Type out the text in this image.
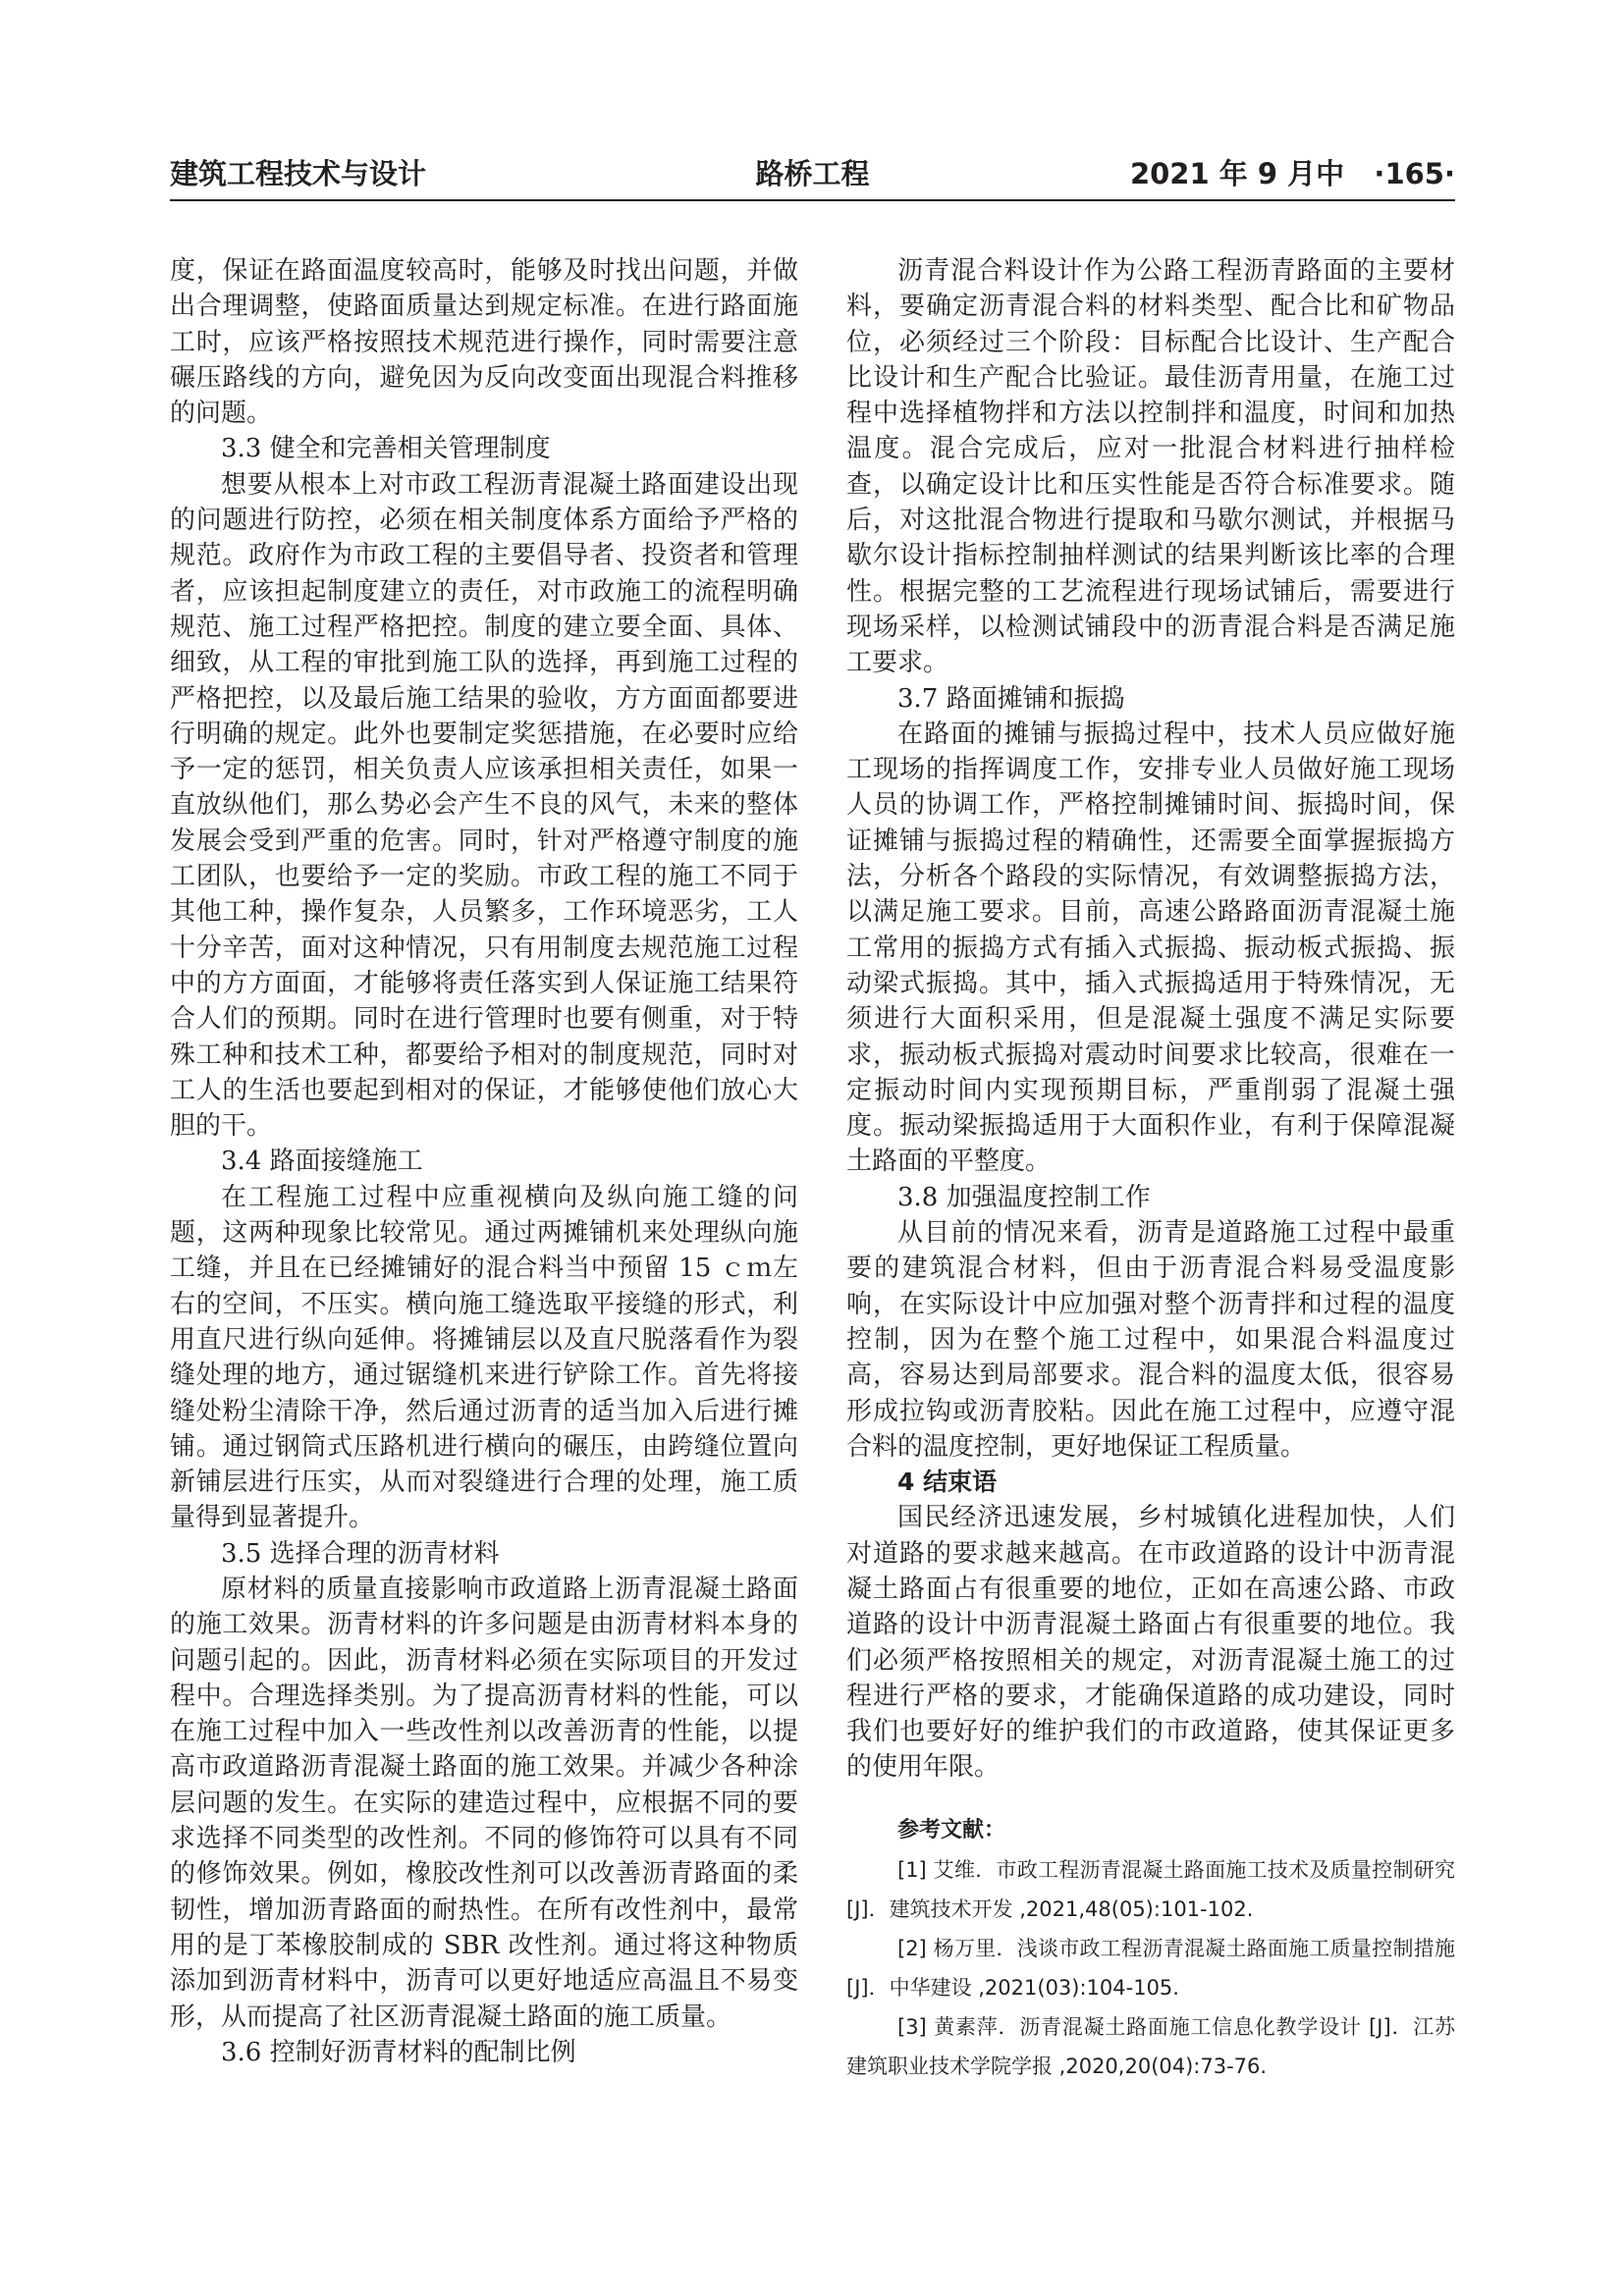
建筑工程技术与设计	路桥工程	2021 年 9 月中 ·165·

度，保证在路面温度较高时，能够及时找出问题，并做出合理调整，使路面质量达到规定标准。在进行路面施工时，应该严格按照技术规范进行操作，同时需要注意碾压路线的方向，避免因为反向改变面出现混合料推移的问题。

3.3 健全和完善相关管理制度

想要从根本上对市政工程沥青混凝土路面建设出现的问题进行防控，必须在相关制度体系方面给予严格的规范。政府作为市政工程的主要倡导者、投资者和管理者，应该担起制度建立的责任，对市政施工的流程明确规范、施工过程严格把控。制度的建立要全面、具体、细致，从工程的审批到施工队的选择，再到施工过程的严格把控，以及最后施工结果的验收，方方面面都要进行明确的规定。此外也要制定奖惩措施，在必要时应给予一定的惩罚，相关负责人应该承担相关责任，如果一直放纵他们，那么势必会产生不良的风气，未来的整体发展会受到严重的危害。同时，针对严格遵守制度的施工团队，也要给予一定的奖励。市政工程的施工不同于其他工种，操作复杂，人员繁多，工作环境恶劣，工人十分辛苦，面对这种情况，只有用制度去规范施工过程中的方方面面，才能够将责任落实到人保证施工结果符合人们的预期。同时在进行管理时也要有侧重，对于特殊工种和技术工种，都要给予相对的制度规范，同时对工人的生活也要起到相对的保证，才能够使他们放心大胆的干。

3.4 路面接缝施工

在工程施工过程中应重视横向及纵向施工缝的问题，这两种现象比较常见。通过两摊铺机来处理纵向施工缝，并且在已经摊铺好的混合料当中预留 15 ｃｍ左右的空间，不压实。横向施工缝选取平接缝的形式，利用直尺进行纵向延伸。将摊铺层以及直尺脱落看作为裂缝处理的地方，通过锯缝机来进行铲除工作。首先将接缝处粉尘清除干净，然后通过沥青的适当加入后进行摊铺。通过钢筒式压路机进行横向的碾压，由跨缝位置向新铺层进行压实，从而对裂缝进行合理的处理，施工质量得到显著提升。

3.5 选择合理的沥青材料

原材料的质量直接影响市政道路上沥青混凝土路面的施工效果。沥青材料的许多问题是由沥青材料本身的问题引起的。因此，沥青材料必须在实际项目的开发过程中。合理选择类别。为了提高沥青材料的性能，可以在施工过程中加入一些改性剂以改善沥青的性能，以提高市政道路沥青混凝土路面的施工效果。并减少各种涂层问题的发生。在实际的建造过程中，应根据不同的要求选择不同类型的改性剂。不同的修饰符可以具有不同的修饰效果。例如，橡胶改性剂可以改善沥青路面的柔韧性，增加沥青路面的耐热性。在所有改性剂中，最常用的是丁苯橡胶制成的 SBR 改性剂。通过将这种物质添加到沥青材料中，沥青可以更好地适应高温且不易变形，从而提高了社区沥青混凝土路面的施工质量。

3.6 控制好沥青材料的配制比例

沥青混合料设计作为公路工程沥青路面的主要材料，要确定沥青混合料的材料类型、配合比和矿物品位，必须经过三个阶段：目标配合比设计、生产配合比设计和生产配合比验证。最佳沥青用量，在施工过程中选择植物拌和方法以控制拌和温度，时间和加热温度。混合完成后，应对一批混合材料进行抽样检查，以确定设计比和压实性能是否符合标准要求。随后，对这批混合物进行提取和马歇尔测试，并根据马歇尔设计指标控制抽样测试的结果判断该比率的合理性。根据完整的工艺流程进行现场试铺后，需要进行现场采样，以检测试铺段中的沥青混合料是否满足施工要求。

3.7 路面摊铺和振捣

在路面的摊铺与振捣过程中，技术人员应做好施工现场的指挥调度工作，安排专业人员做好施工现场人员的协调工作，严格控制摊铺时间、振捣时间，保证摊铺与振捣过程的精确性，还需要全面掌握振捣方法，分析各个路段的实际情况，有效调整振捣方法，以满足施工要求。目前，高速公路路面沥青混凝土施工常用的振捣方式有插入式振捣、振动板式振捣、振动梁式振捣。其中，插入式振捣适用于特殊情况，无须进行大面积采用，但是混凝土强度不满足实际要求，振动板式振捣对震动时间要求比较高，很难在一定振动时间内实现预期目标，严重削弱了混凝土强度。振动梁振捣适用于大面积作业，有利于保障混凝土路面的平整度。

3.8 加强温度控制工作

从目前的情况来看，沥青是道路施工过程中最重要的建筑混合材料，但由于沥青混合料易受温度影响，在实际设计中应加强对整个沥青拌和过程的温度控制，因为在整个施工过程中，如果混合料温度过高，容易达到局部要求。混合料的温度太低，很容易形成拉钩或沥青胶粘。因此在施工过程中，应遵守混合料的温度控制，更好地保证工程质量。

4 结束语

国民经济迅速发展，乡村城镇化进程加快，人们对道路的要求越来越高。在市政道路的设计中沥青混凝土路面占有很重要的地位，正如在高速公路、市政道路的设计中沥青混凝土路面占有很重要的地位。我们必须严格按照相关的规定，对沥青混凝土施工的过程进行严格的要求，才能确保道路的成功建设，同时我们也要好好的维护我们的市政道路，使其保证更多的使用年限。

参考文献：

[1] 艾维．市政工程沥青混凝土路面施工技术及质量控制研究 [J]．建筑技术开发 ,2021,48(05):101-102.

[2] 杨万里．浅谈市政工程沥青混凝土路面施工质量控制措施 [J]．中华建设 ,2021(03):104-105.

[3] 黄素萍．沥青混凝土路面施工信息化教学设计 [J]．江苏建筑职业技术学院学报 ,2020,20(04):73-76.
